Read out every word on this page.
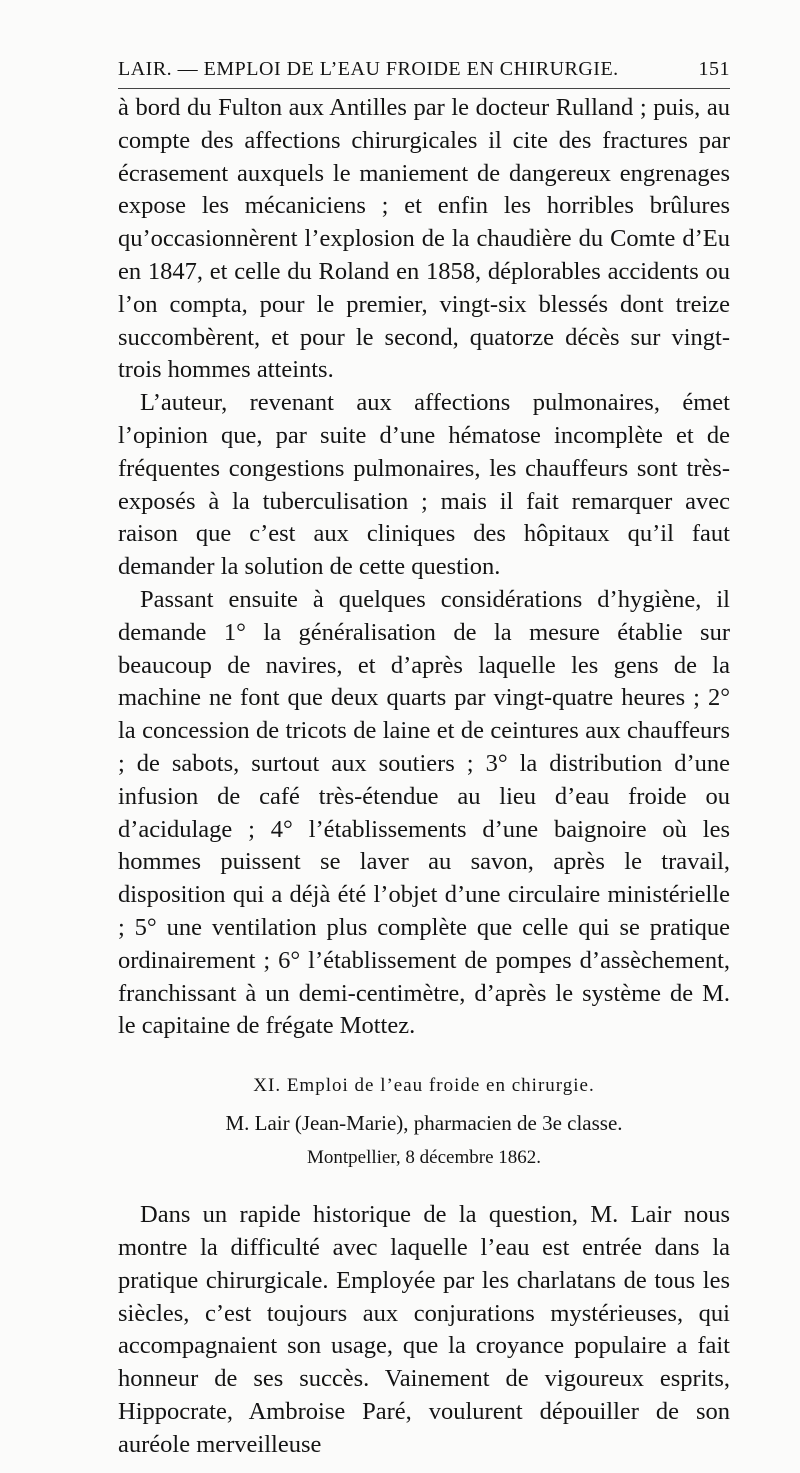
LAIR. — EMPLOI DE L’EAU FROIDE EN CHIRURGIE.	151

à bord du Fulton aux Antilles par le docteur Rulland ; puis, au compte des affections chirurgicales il cite des fractures par écrasement auxquels le maniement de dangereux engrenages expose les mécaniciens ; et enfin les horribles brûlures qu’occasionnèrent l’explosion de la chaudière du Comte d’Eu en 1847, et celle du Roland en 1858, déplorables accidents ou l’on compta, pour le premier, vingt-six blessés dont treize succombèrent, et pour le second, quatorze décès sur vingt-trois hommes atteints.

L’auteur, revenant aux affections pulmonaires, émet l’opinion que, par suite d’une hématose incomplète et de fréquentes congestions pulmonaires, les chauffeurs sont très-exposés à la tuberculisation ; mais il fait remarquer avec raison que c’est aux cliniques des hôpitaux qu’il faut demander la solution de cette question.

Passant ensuite à quelques considérations d’hygiène, il demande 1° la généralisation de la mesure établie sur beaucoup de navires, et d’après laquelle les gens de la machine ne font que deux quarts par vingt-quatre heures ; 2° la concession de tricots de laine et de ceintures aux chauffeurs ; de sabots, surtout aux soutiers ; 3° la distribution d’une infusion de café très-étendue au lieu d’eau froide ou d’acidulage ; 4° l’établissements d’une baignoire où les hommes puissent se laver au savon, après le travail, disposition qui a déjà été l’objet d’une circulaire ministérielle ; 5° une ventilation plus complète que celle qui se pratique ordinairement ; 6° l’établissement de pompes d’assèchement, franchissant à un demi-centimètre, d’après le système de M. le capitaine de frégate Mottez.

XI. Emploi de l’eau froide en chirurgie.
M. Lair (Jean-Marie), pharmacien de 3e classe.
Montpellier, 8 décembre 1862.

Dans un rapide historique de la question, M. Lair nous montre la difficulté avec laquelle l’eau est entrée dans la pratique chirurgicale. Employée par les charlatans de tous les siècles, c’est toujours aux conjurations mystérieuses, qui accompagnaient son usage, que la croyance populaire a fait honneur de ses succès. Vainement de vigoureux esprits, Hippocrate, Ambroise Paré, voulurent dépouiller de son auréole merveilleuse
